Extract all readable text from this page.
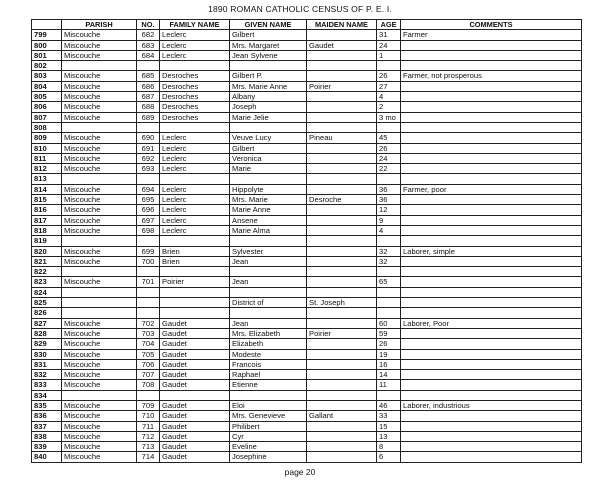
1890 ROMAN CATHOLIC CENSUS OF P. E. I.
	PARISH	NO.	FAMILY NAME	GIVEN NAME	MAIDEN NAME	AGE	COMMENTS
799	Miscouche	682	Leclerc	Gilbert		31	Farmer
800	Miscouche	683	Leclerc	Mrs. Margaret	Gaudet	24	
801	Miscouche	684	Leclerc	Jean Sylvene		1	
802							
803	Miscouche	685	Desroches	Gilbert P.		26	Farmer, not prosperous
804	Miscouche	686	Desroches	Mrs. Marie Anne	Poirier	27	
805	Miscouche	687	Desroches	Albany		4	
806	Miscouche	688	Desroches	Joseph		2	
807	Miscouche	689	Desroches	Marie Jelie		3 mo	
808							
809	Miscouche	690	Leclerc	Veuve Lucy	Pineau	45	
810	Miscouche	691	Leclerc	Gilbert		26	
811	Miscouche	692	Leclerc	Veronica		24	
812	Miscouche	693	Leclerc	Marie		22	
813							
814	Miscouche	694	Leclerc	Hippolyte		36	Farmer, poor
815	Miscouche	695	Leclerc	Mrs. Marie	Desroche	36	
816	Miscouche	696	Leclerc	Marie Anne		12	
817	Miscouche	697	Leclerc	Ansene		9	
818	Miscouche	698	Leclerc	Marie Alma		4	
819							
820	Miscouche	699	Brien	Sylvester		32	Laborer, simple
821	Miscouche	700	Brien	Jean		32	
822							
823	Miscouche	701	Poirier	Jean		65	
824							
825				District of	St. Joseph		
826							
827	Miscouche	702	Gaudet	Jean		60	Laborer, Poor
828	Miscouche	703	Gaudet	Mrs. Elizabeth	Poirier	59	
829	Miscouche	704	Gaudet	Elizabeth		26	
830	Miscouche	705	Gaudet	Modeste		19	
831	Miscouche	706	Gaudet	Francois		16	
832	Miscouche	707	Gaudet	Raphael		14	
833	Miscouche	708	Gaudet	Etienne		11	
834							
835	Miscouche	709	Gaudet	Eloi		46	Laborer, industrious
836	Miscouche	710	Gaudet	Mrs. Genevieve	Gallant	33	
837	Miscouche	711	Gaudet	Philibert		15	
838	Miscouche	712	Gaudet	Cyr		13	
839	Miscouche	713	Gaudet	Eveline		8	
840	Miscouche	714	Gaudet	Josephine		6	
page 20
